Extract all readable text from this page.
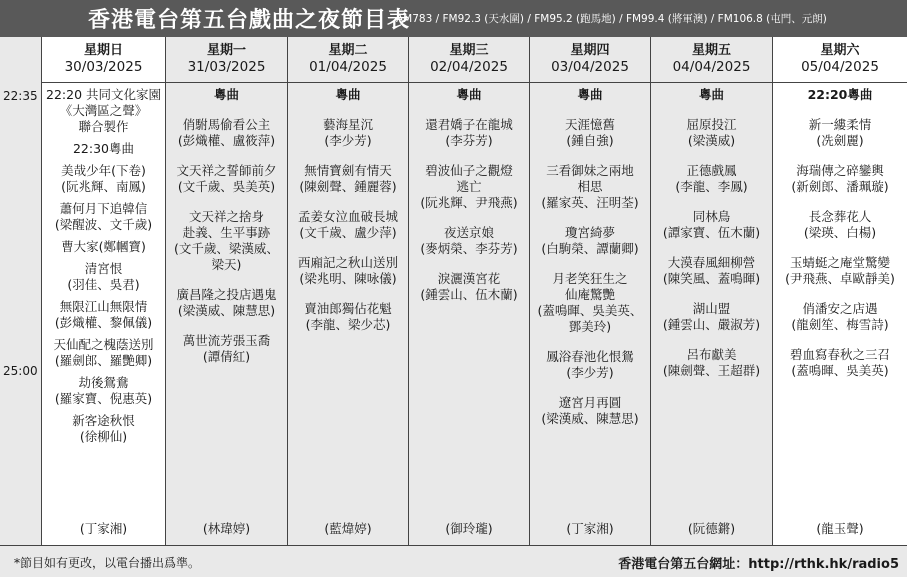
香港電台第五台戲曲之夜節目表
AM783 / FM92.3 (天水圍) / FM95.2 (跑馬地) / FM99.4 (將軍澳) / FM106.8 (屯門、元朗)
22:35
25:00
星期日
30/03/2025
22:20 共同文化家園
《大灣區之聲》
聯合製作
22:30粵曲
美哉少年(下卷)
(阮兆輝、南鳳)
蕭何月下追韓信
(梁醒波、文千歲)
曹大家(鄭幗寶)
清宮恨
(羽佳、吳君)
無限江山無限情
(彭熾權、黎佩儀)
天仙配之槐蔭送別
(羅劍郎、羅艷卿)
劫後鴛鴦
(羅家寶、倪惠英)
新客途秋恨
(徐柳仙)
(丁家湘)
星期一
31/03/2025
粵曲
俏駙馬偷看公主
(彭熾權、盧筱萍)
文天祥之誓師前夕
(文千歲、吳美英)
文天祥之捨身
赴義、生平事跡
(文千歲、梁漢威、
梁天)
廣昌隆之投店遇鬼
(梁漢威、陳慧思)
萬世流芳張玉喬
(譚倩紅)
(林瑋婷)
星期二
01/04/2025
粵曲
藝海星沉
(李少芳)
無情寶劍有情天
(陳劍聲、鍾麗蓉)
孟姜女泣血破長城
(文千歲、盧少萍)
西廂記之秋山送別
(梁兆明、陳咏儀)
賣油郎獨佔花魁
(李龍、梁少芯)
(藍煒婷)
星期三
02/04/2025
粵曲
還君嬌子在龍城
(李芬芳)
碧波仙子之觀燈
逃亡
(阮兆輝、尹飛燕)
夜送京娘
(麥炳榮、李芬芳)
淚灑漢宮花
(鍾雲山、伍木蘭)
(御玲瓏)
星期四
03/04/2025
粵曲
天涯憶舊
(鍾自強)
三看御妹之兩地
相思
(羅家英、汪明荃)
瓊宮綺夢
(白駒榮、譚蘭卿)
月老笑狂生之
仙庵驚艷
(蓋鳴暉、吳美英、
鄧美玲)
鳳浴春池化恨鴛
(李少芳)
遼宮月再圓
(梁漢威、陳慧思)
(丁家湘)
星期五
04/04/2025
粵曲
屈原投江
(梁漢威)
正德戲鳳
(李龍、李鳳)
同林鳥
(譚家寶、伍木蘭)
大漠春風細柳營
(陳笑風、蓋鳴暉)
湖山盟
(鍾雲山、嚴淑芳)
呂布獻美
(陳劍聲、王超群)
(阮德鏘)
星期六
05/04/2025
22:20粵曲
新一縷柔情
(冼劍麗)
海瑞傳之碎鑾輿
(新劍郎、潘珮璇)
長念葬花人
(梁瑛、白楊)
玉蜻蜓之庵堂驚變
(尹飛燕、卓歐靜美)
俏潘安之店遇
(龍劍笙、梅雪詩)
碧血寫春秋之三召
(蓋鳴暉、吳美英)
(龍玉聲)
*節目如有更改，以電台播出爲準。	香港電台第五台網址：http://rthk.hk/radio5
